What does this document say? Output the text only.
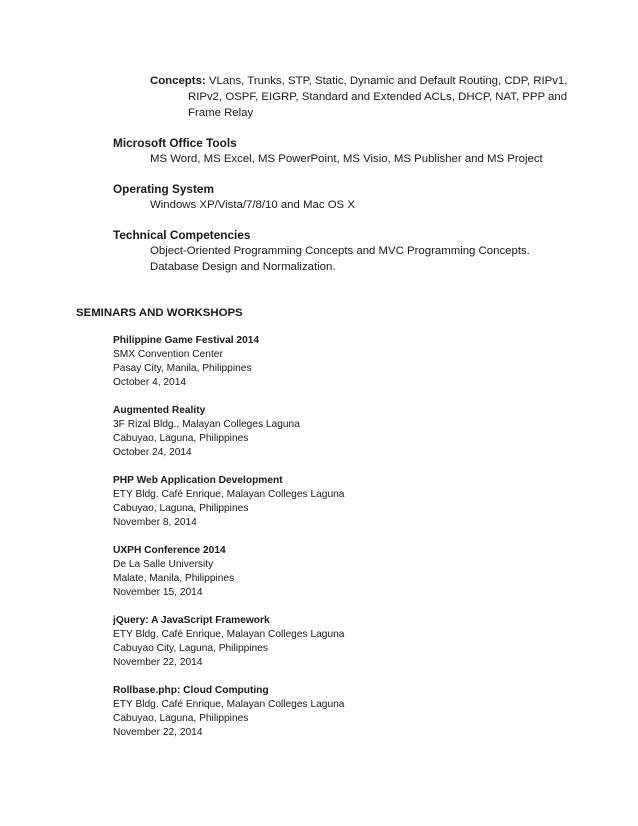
Concepts: VLans, Trunks, STP, Static, Dynamic and Default Routing, CDP, RIPv1,
RIPv2, OSPF, EIGRP, Standard and Extended ACLs, DHCP, NAT, PPP and
Frame Relay
Microsoft Office Tools
MS Word, MS Excel, MS PowerPoint, MS Visio, MS Publisher and MS Project
Operating System
Windows XP/Vista/7/8/10 and Mac OS X
Technical Competencies
Object-Oriented Programming Concepts and MVC Programming Concepts.
Database Design and Normalization.
SEMINARS AND WORKSHOPS
Philippine Game Festival 2014
SMX Convention Center
Pasay City, Manila, Philippines
October 4, 2014
Augmented Reality
3F Rizal Bldg., Malayan Colleges Laguna
Cabuyao, Laguna, Philippines
October 24, 2014
PHP Web Application Development
ETY Bldg. Café Enrique, Malayan Colleges Laguna
Cabuyao, Laguna, Philippines
November 8, 2014
UXPH Conference 2014
De La Salle University
Malate, Manila, Philippines
November 15, 2014
jQuery: A JavaScript Framework
ETY Bldg. Café Enrique, Malayan Colleges Laguna
Cabuyao City, Laguna, Philippines
November 22, 2014
Rollbase.php: Cloud Computing
ETY Bldg. Café Enrique, Malayan Colleges Laguna
Cabuyao, Laguna, Philippines
November 22, 2014
